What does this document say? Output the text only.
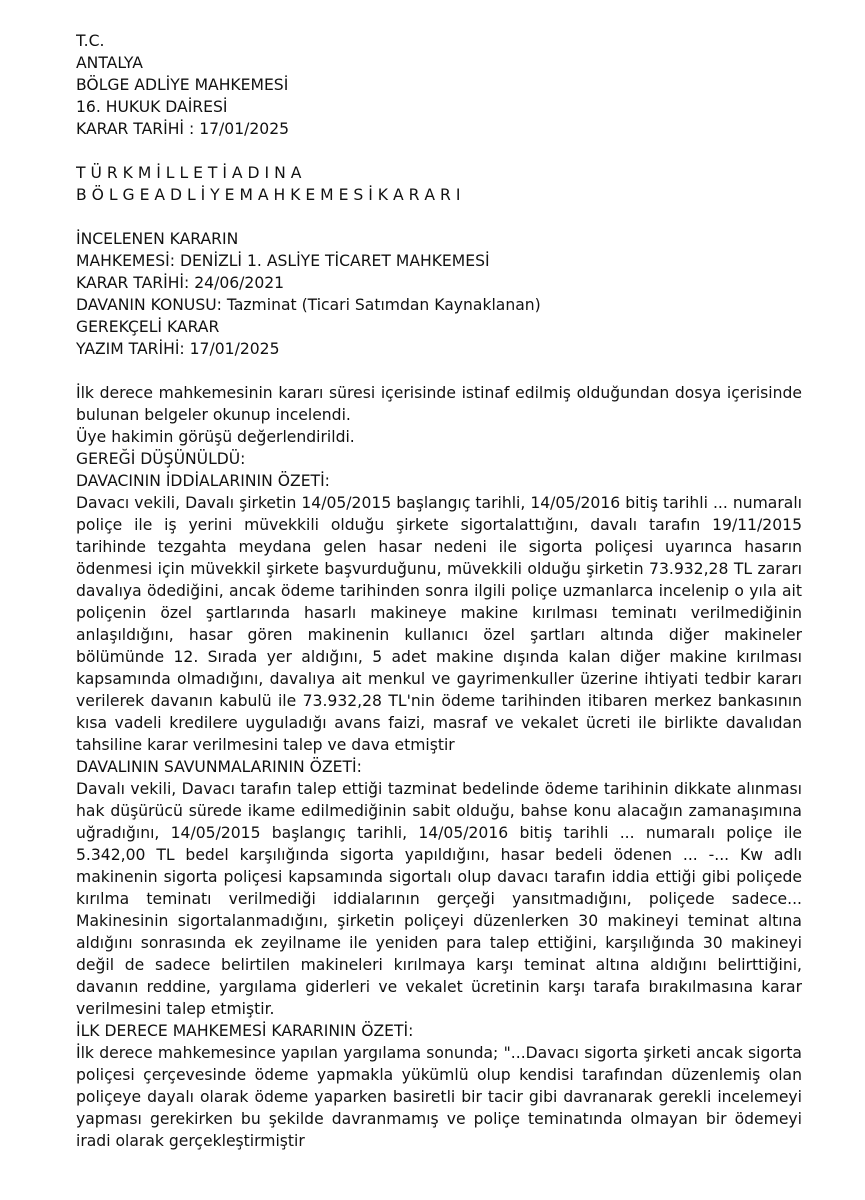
T.C.
ANTALYA
BÖLGE ADLİYE MAHKEMESİ
16. HUKUK DAİRESİ
KARAR TARİHİ : 17/01/2025
T Ü R K M İ L L E T İ A D I N A
B Ö L G E A D L İ Y E M A H K E M E S İ K A R A R I
İNCELENEN KARARIN
MAHKEMESİ: DENİZLİ 1. ASLİYE TİCARET MAHKEMESİ
KARAR TARİHİ: 24/06/2021
DAVANIN KONUSU: Tazminat (Ticari Satımdan Kaynaklanan)
GEREKÇELİ KARAR
YAZIM TARİHİ: 17/01/2025

İlk derece mahkemesinin kararı süresi içerisinde istinaf edilmiş olduğundan dosya içerisinde bulunan belgeler okunup incelendi.

Üye hakimin görüşü değerlendirildi.
GEREĞİ DÜŞÜNÜLDÜ:
DAVACININ İDDİALARININ ÖZETİ:

Davacı vekili, Davalı şirketin 14/05/2015 başlangıç tarihli, 14/05/2016 bitiş tarihli ... numaralı poliçe ile iş yerini müvekkili olduğu şirkete sigortalattığını, davalı tarafın 19/11/2015 tarihinde tezgahta meydana gelen hasar nedeni ile sigorta poliçesi uyarınca hasarın ödenmesi için müvekkil şirkete başvurduğunu, müvekkili olduğu şirketin 73.932,28 TL zararı davalıya ödediğini, ancak ödeme tarihinden sonra ilgili poliçe uzmanlarca incelenip o yıla ait poliçenin özel şartlarında hasarlı makineye makine kırılması teminatı verilmediğinin anlaşıldığını, hasar gören makinenin kullanıcı özel şartları altında diğer makineler bölümünde 12. Sırada yer aldığını, 5 adet makine dışında kalan diğer makine kırılması kapsamında olmadığını, davalıya ait menkul ve gayrimenkuller üzerine ihtiyati tedbir kararı verilerek davanın kabulü ile 73.932,28 TL'nin ödeme tarihinden itibaren merkez bankasının kısa vadeli kredilere uyguladığı avans faizi, masraf ve vekalet ücreti ile birlikte davalıdan tahsiline karar verilmesini talep ve dava etmiştir

DAVALININ SAVUNMALARININ ÖZETİ:

Davalı vekili, Davacı tarafın talep ettiği tazminat bedelinde ödeme tarihinin dikkate alınması hak düşürücü sürede ikame edilmediğinin sabit olduğu, bahse konu alacağın zamanaşımına uğradığını, 14/05/2015 başlangıç tarihli, 14/05/2016 bitiş tarihli ... numaralı poliçe ile 5.342,00 TL bedel karşılığında sigorta yapıldığını, hasar bedeli ödenen ... -... Kw adlı makinenin sigorta poliçesi kapsamında sigortalı olup davacı tarafın iddia ettiği gibi poliçede kırılma teminatı verilmediği iddialarının gerçeği yansıtmadığını, poliçede sadece... Makinesinin sigortalanmadığını, şirketin poliçeyi düzenlerken 30 makineyi teminat altına aldığını sonrasında ek zeyilname ile yeniden para talep ettiğini, karşılığında 30 makineyi değil de sadece belirtilen makineleri kırılmaya karşı teminat altına aldığını belirttiğini, davanın reddine, yargılama giderleri ve vekalet ücretinin karşı tarafa bırakılmasına karar verilmesini talep etmiştir.

İLK DERECE MAHKEMESİ KARARININ ÖZETİ:

İlk derece mahkemesince yapılan yargılama sonunda; "...Davacı sigorta şirketi ancak sigorta poliçesi çerçevesinde ödeme yapmakla yükümlü olup kendisi tarafından düzenlemiş olan poliçeye dayalı olarak ödeme yaparken basiretli bir tacir gibi davranarak gerekli incelemeyi yapması gerekirken bu şekilde davranmamış ve poliçe teminatında olmayan bir ödemeyi iradi olarak gerçekleştirmiştir
